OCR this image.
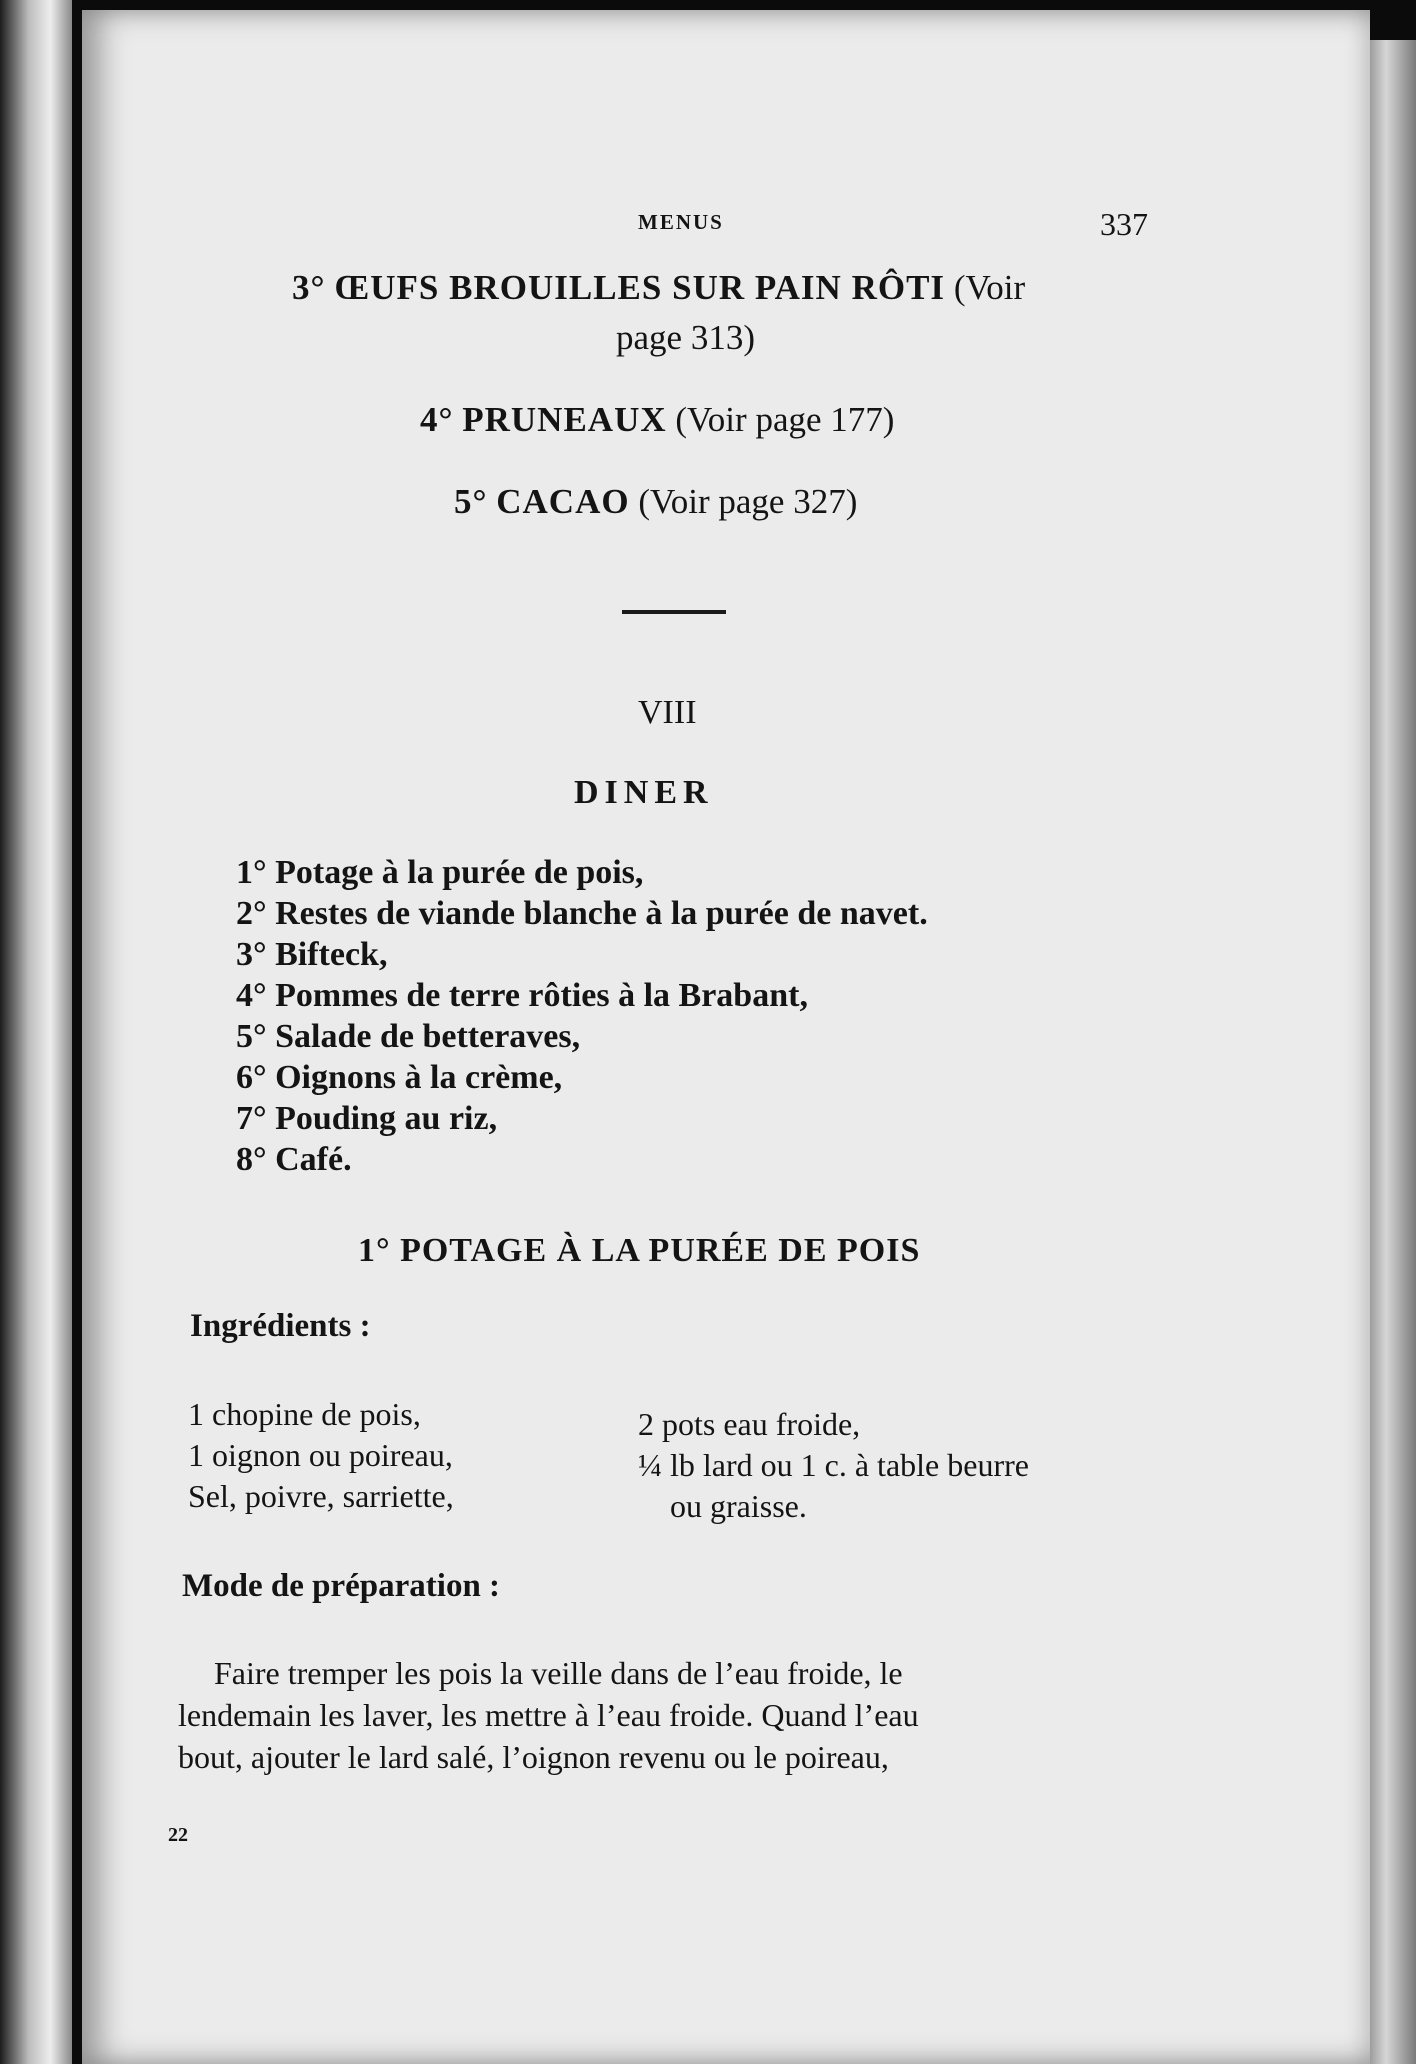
MENUS	337
3° ŒUFS BROUILLES SUR PAIN RÔTI (Voir
page 313)
4° PRUNEAUX (Voir page 177)
5° CACAO (Voir page 327)
VIII
DINER
1° Potage à la purée de pois,
2° Restes de viande blanche à la purée de navet.
3° Bifteck,
4° Pommes de terre rôties à la Brabant,
5° Salade de betteraves,
6° Oignons à la crème,
7° Pouding au riz,
8° Café.
1° POTAGE À LA PURÉE DE POIS
Ingrédients :
1 chopine de pois,
1 oignon ou poireau,
Sel, poivre, sarriette,
2 pots eau froide,
¼ lb lard ou 1 c. à table beurre
ou graisse.
Mode de préparation :

Faire tremper les pois la veille dans de l’eau froide, le

lendemain les laver, les mettre à l’eau froide. Quand l’eau

bout, ajouter le lard salé, l’oignon revenu ou le poireau,

22
